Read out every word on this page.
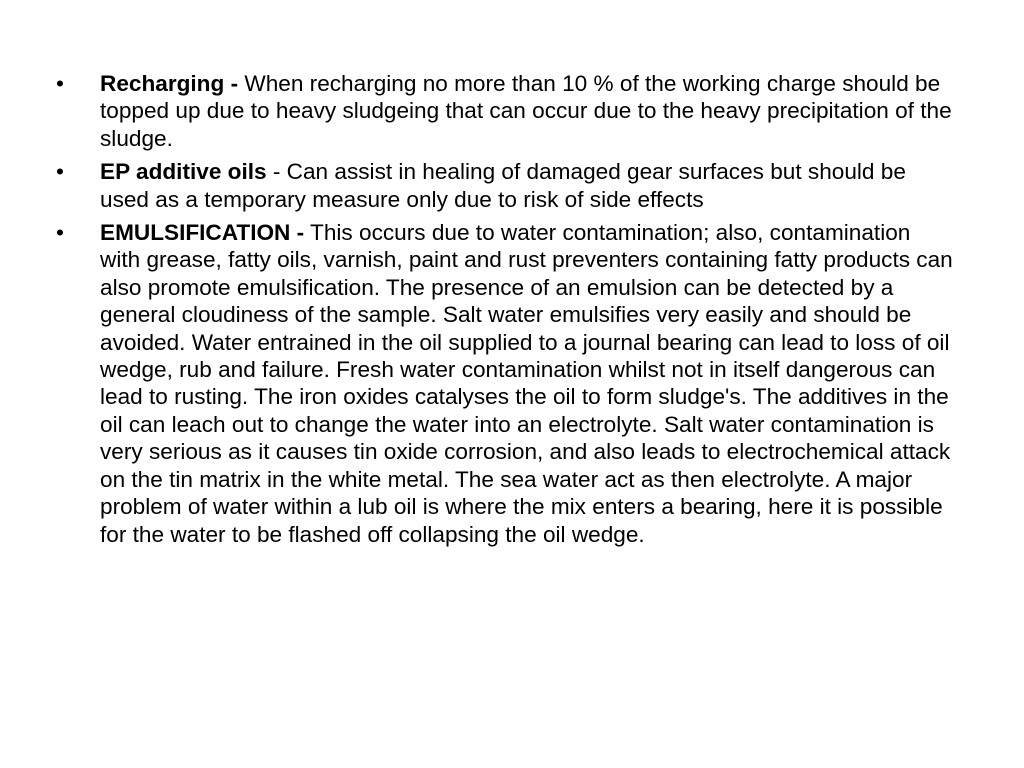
•	Recharging - When recharging no more than 10 % of the working charge should be topped up due to heavy sludgeing that can occur due to the heavy precipitation of the sludge.
•	EP additive oils - Can assist in healing of damaged gear surfaces but should be used as a temporary measure only due to risk of side effects
•	EMULSIFICATION - This occurs due to water contamination; also, contamination with grease, fatty oils, varnish, paint and rust preventers containing fatty products can also promote emulsification. The presence of an emulsion can be detected by a general cloudiness of the sample. Salt water emulsifies very easily and should be avoided. Water entrained in the oil supplied to a journal bearing can lead to loss of oil wedge, rub and failure. Fresh water contamination whilst not in itself dangerous can lead to rusting. The iron oxides catalyses the oil to form sludge's. The additives in the oil can leach out to change the water into an electrolyte. Salt water contamination is very serious as it causes tin oxide corrosion, and also leads to electrochemical attack on the tin matrix in the white metal. The sea water act as then electrolyte. A major problem of water within a lub oil is where the mix enters a bearing, here it is possible for the water to be flashed off collapsing the oil wedge.
